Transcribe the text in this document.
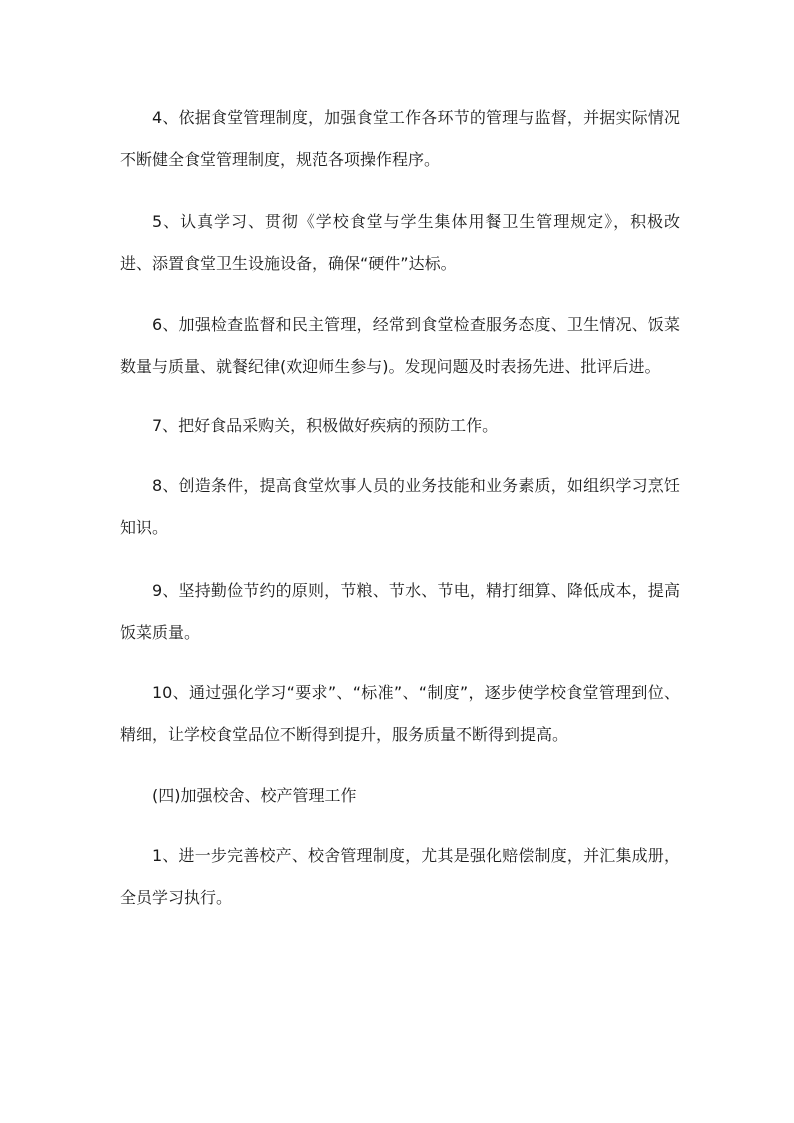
4、依据食堂管理制度，加强食堂工作各环节的管理与监督，并据实际情况不断健全食堂管理制度，规范各项操作程序。

5、认真学习、贯彻《学校食堂与学生集体用餐卫生管理规定》，积极改进、添置食堂卫生设施设备，确保“硬件”达标。

6、加强检查监督和民主管理，经常到食堂检查服务态度、卫生情况、饭菜数量与质量、就餐纪律(欢迎师生参与)。发现问题及时表扬先进、批评后进。

7、把好食品采购关，积极做好疾病的预防工作。

8、创造条件，提高食堂炊事人员的业务技能和业务素质，如组织学习烹饪知识。

9、坚持勤俭节约的原则，节粮、节水、节电，精打细算、降低成本，提高饭菜质量。

10、通过强化学习“要求”、“标准”、“制度”，逐步使学校食堂管理到位、精细，让学校食堂品位不断得到提升，服务质量不断得到提高。

(四)加强校舍、校产管理工作

1、进一步完善校产、校舍管理制度，尤其是强化赔偿制度，并汇集成册，全员学习执行。
